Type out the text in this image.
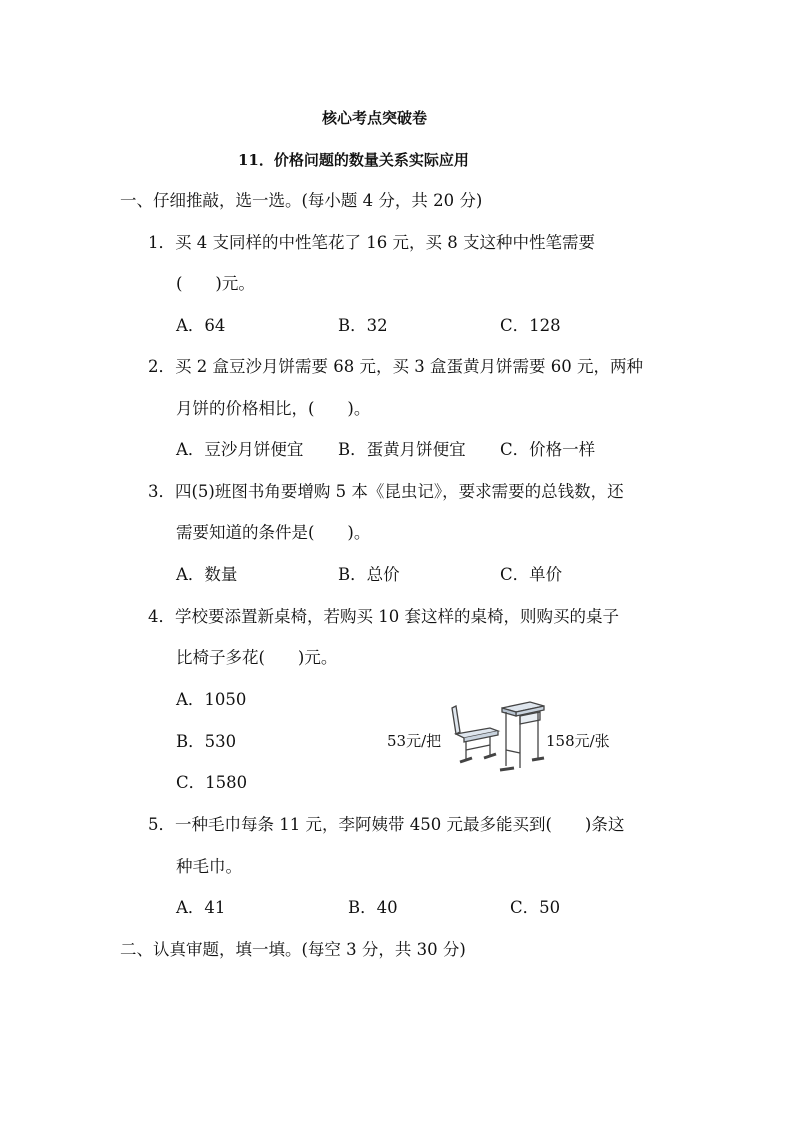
核心考点突破卷
11．价格问题的数量关系实际应用
一、仔细推敲，选一选。(每小题 4 分，共 20 分)
1．买 4 支同样的中性笔花了 16 元，买 8 支这种中性笔需要
(　　)元。
A．64	B．32	C．128
2．买 2 盒豆沙月饼需要 68 元，买 3 盒蛋黄月饼需要 60 元，两种
月饼的价格相比，(　　)。
A．豆沙月饼便宜 B．蛋黄月饼便宜 C．价格一样
3．四(5)班图书角要增购 5 本《昆虫记》，要求需要的总钱数，还
需要知道的条件是(　　)。
A．数量	B．总价	C．单价
4．学校要添置新桌椅，若购买 10 套这样的桌椅，则购买的桌子
比椅子多花(　　)元。
A．1050
B．530
C．1580
53元/把	158元/张
5．一种毛巾每条 11 元，李阿姨带 450 元最多能买到(　　)条这
种毛巾。
A．41	B．40	C．50
二、认真审题，填一填。(每空 3 分，共 30 分)
